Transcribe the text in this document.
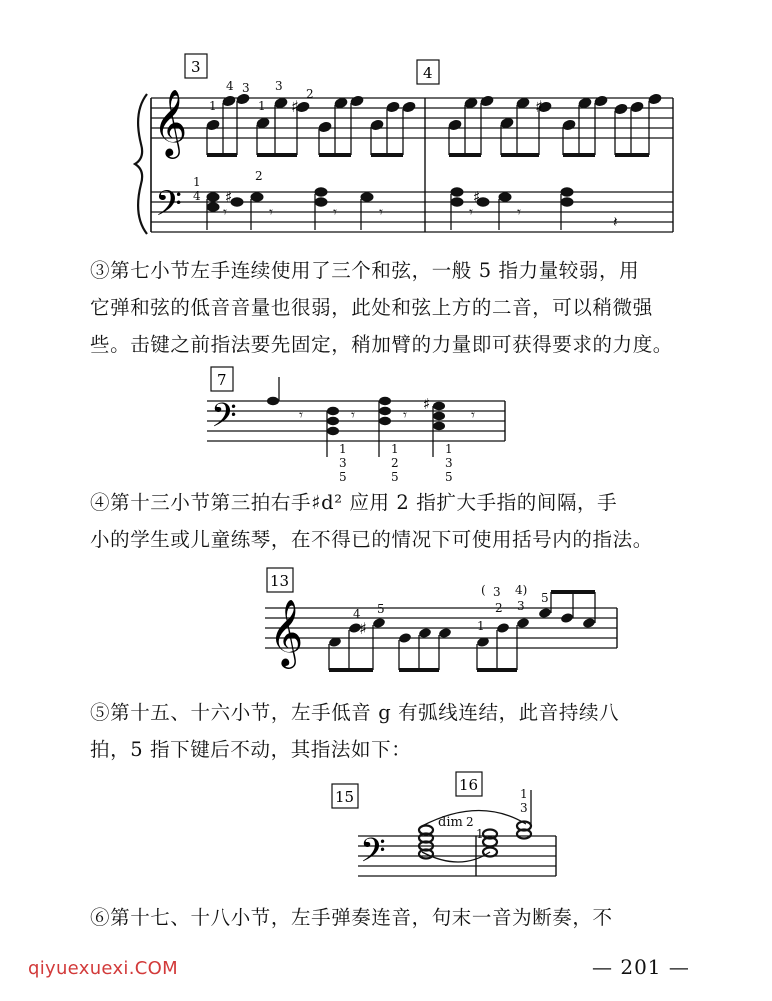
𝄞
𝄢
3	4
♯	♯
4 3
1
3
1
2
𝄾	𝄾	𝄾	𝄾	𝄾	𝄾
𝄽
♯	♯
1
4
2

③第七小节左手连续使用了三个和弦，一般 5 指力量较弱，用
它弹和弦的低音音量也很弱，此处和弦上方的二音，可以稍微强
些。击键之前指法要先固定，稍加臂的力量即可获得要求的力度。

7
𝄢	𝄾	𝄾	𝄾	𝄾
♯
1
3
5
1
2
5
1
3
5

④第十三小节第三拍右手♯d² 应用 2 指扩大手指的间隔，手
小的学生或儿童练琴，在不得已的情况下可使用括号内的指法。

13
𝄞	♯
4 5
( 3 4)
2 3
5
1

⑤第十五、十六小节，左手低音 g 有弧线连结，此音持续八
拍，5 指下键后不动，其指法如下：

15
16
𝄢
dim 2
1
1
3

⑥第十七、十八小节，左手弹奏连音，句末一音为断奏，不

qiyuexuexi.COM	— 201 —
